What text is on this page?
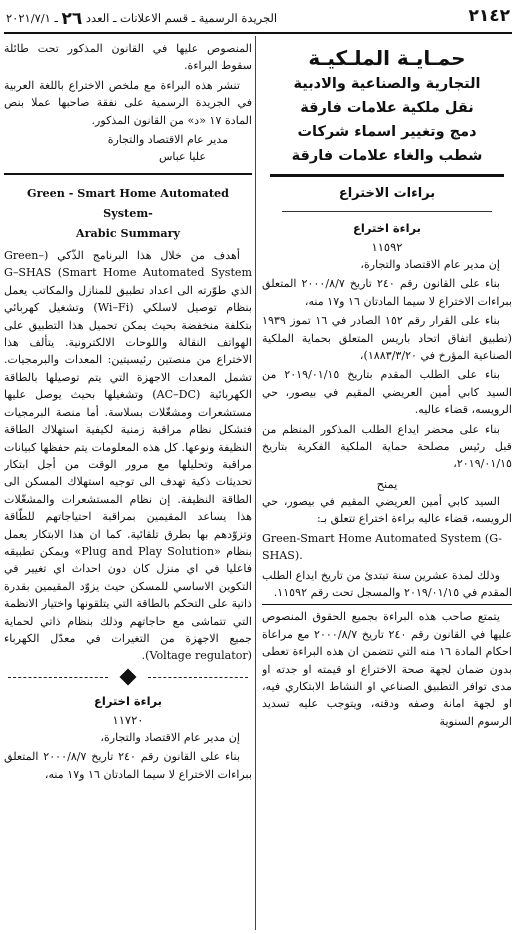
٢١٤٢
الجريدة الرسمية ـ قسم الاعلانات ـ العدد ٢٦ ـ ٢٠٢١/٧/١
حمـايـة الملـكيـة
التجارية والصناعية والادبية
نقل ملكية علامات فارقة
دمج وتغيير اسماء شركات
شطب والغاء علامات فارقة
براءات الاختراع
براءة اختراع
١١٥٩٢

إن مدير عام الاقتصاد والتجارة،

بناء على القانون رقم ٢٤٠ تاريخ ٢٠٠٠/٨/٧ المتعلق ببراءات الاختراع لا سيما المادتان ١٦ و١٧ منه،

بناء على القرار رقم ١٥٢ الصادر في ١٦ تموز ١٩٣٩ (تطبيق اتفاق اتحاد باريس المتعلق بحماية الملكية الصناعية المؤرخ في ١٨٨٣/٣/٢٠)،

بناء على الطلب المقدم بتاريخ ٢٠١٩/٠١/١٥ من السيد كابي أمين العريضي المقيم في بيصور، حي الرويسه، قضاء عاليه.

بناء على محضر ايداع الطلب المذكور المنظم من قبل رئيس مصلحة حماية الملكية الفكرية بتاريخ ٢٠١٩/٠١/١٥،

يمنح

السيد كابي أمين العريضي المقيم في بيصور، حي الرويسه، قضاء عاليه براءة اختراع تتعلق بـ:

Green-Smart Home Automated System (G-
SHAS).

وذلك لمدة عشرين سنة تبتدئ من تاريخ ايداع الطلب المقدم في ٢٠١٩/٠١/١٥ والمسجل تحت رقم ١١٥٩٢.

يتمتع صاحب هذه البراءة بجميع الحقوق المنصوص عليها في القانون رقم ٢٤٠ تاريخ ٢٠٠٠/٨/٧ مع مراعاة احكام المادة ١٦ منه التي تتضمن ان هذه البراءة تعطى بدون ضمان لجهة صحة الاختراع او قيمته او جدته او مدى توافر التطبيق الصناعي او النشاط الابتكاري فيه، او لجهة امانة وصفه ودقته، ويتوجب عليه تسديد الرسوم السنوية

المنصوص عليها في القانون المذكور تحت طائلة سقوط البراءة.

تنشر هذه البراءة مع ملخص الاختراع باللغة العربية في الجريدة الرسمية على نفقة صاحبها عملا بنص المادة ١٧ «د» من القانون المذكور.

مدير عام الاقتصاد والتجارة
عليا عباس
Green - Smart Home Automated System-
Arabic Summary

أهدف من خلال هذا البرنامج الذّكي (Green– Smart Home Automated System) G–SHAS الذي طوّرته الى اعداد تطبيق للمنازل والمكاتب يعمل بنظام توصيل لاسلكي (Wi–Fi) وتشغيل كهربائي بتكلفة منخفضة بحيث يمكن تحميل هذا التطبيق على الهواتف النقالة واللوحات الالكترونية. يتألف هذا الاختراع من منصتين رئيسيتين: المعدات والبرمجيات. تشمل المعدات الاجهزة التي يتم توصيلها بالطاقة الكهربائية (AC–DC) وتشغيلها بحيث يوصل عليها مستشعرات ومشغّلات بسلاسة. أما منصة البرمجيات فتشكل نظام مراقبة زمنية لكيفية استهلاك الطاقة النظيفة ونوعها. كل هذه المعلومات يتم حفظها كبيانات مراقبة وتحليلها مع مرور الوقت من أجل ابتكار تحديثات ذكية تهدف الى توجيه استهلاك المسكن الى الطاقة النظيفة. إن نظام المستشعرات والمشغّلات هذا يساعد المقيمين بمراقبة احتياجاتهم للطّاقة وتزوّدهم بها بطرق تلقائية. كما ان هذا الابتكار يعمل بنظام «Plug and Play Solution» ويمكن تطبيقه فاعليا في اي منزل كان دون احداث اي تغيير في التكوين الاساسي للمسكن حيث يزوّد المقيمين بقدرة ذاتية على التحكم بالطاقة التي يتلقونها واختيار الانظمة التي تتماشى مع حاجاتهم وذلك بنظام ذاتي لحماية جميع الاجهزة من التغيرات في معدّل الكهرباء (Voltage regulator).

براءة اختراع
١١٧٢٠

إن مدير عام الاقتصاد والتجارة،

بناء على القانون رقم ٢٤٠ تاريخ ٢٠٠٠/٨/٧ المتعلق ببراءات الاختراع لا سيما المادتان ١٦ و١٧ منه،
